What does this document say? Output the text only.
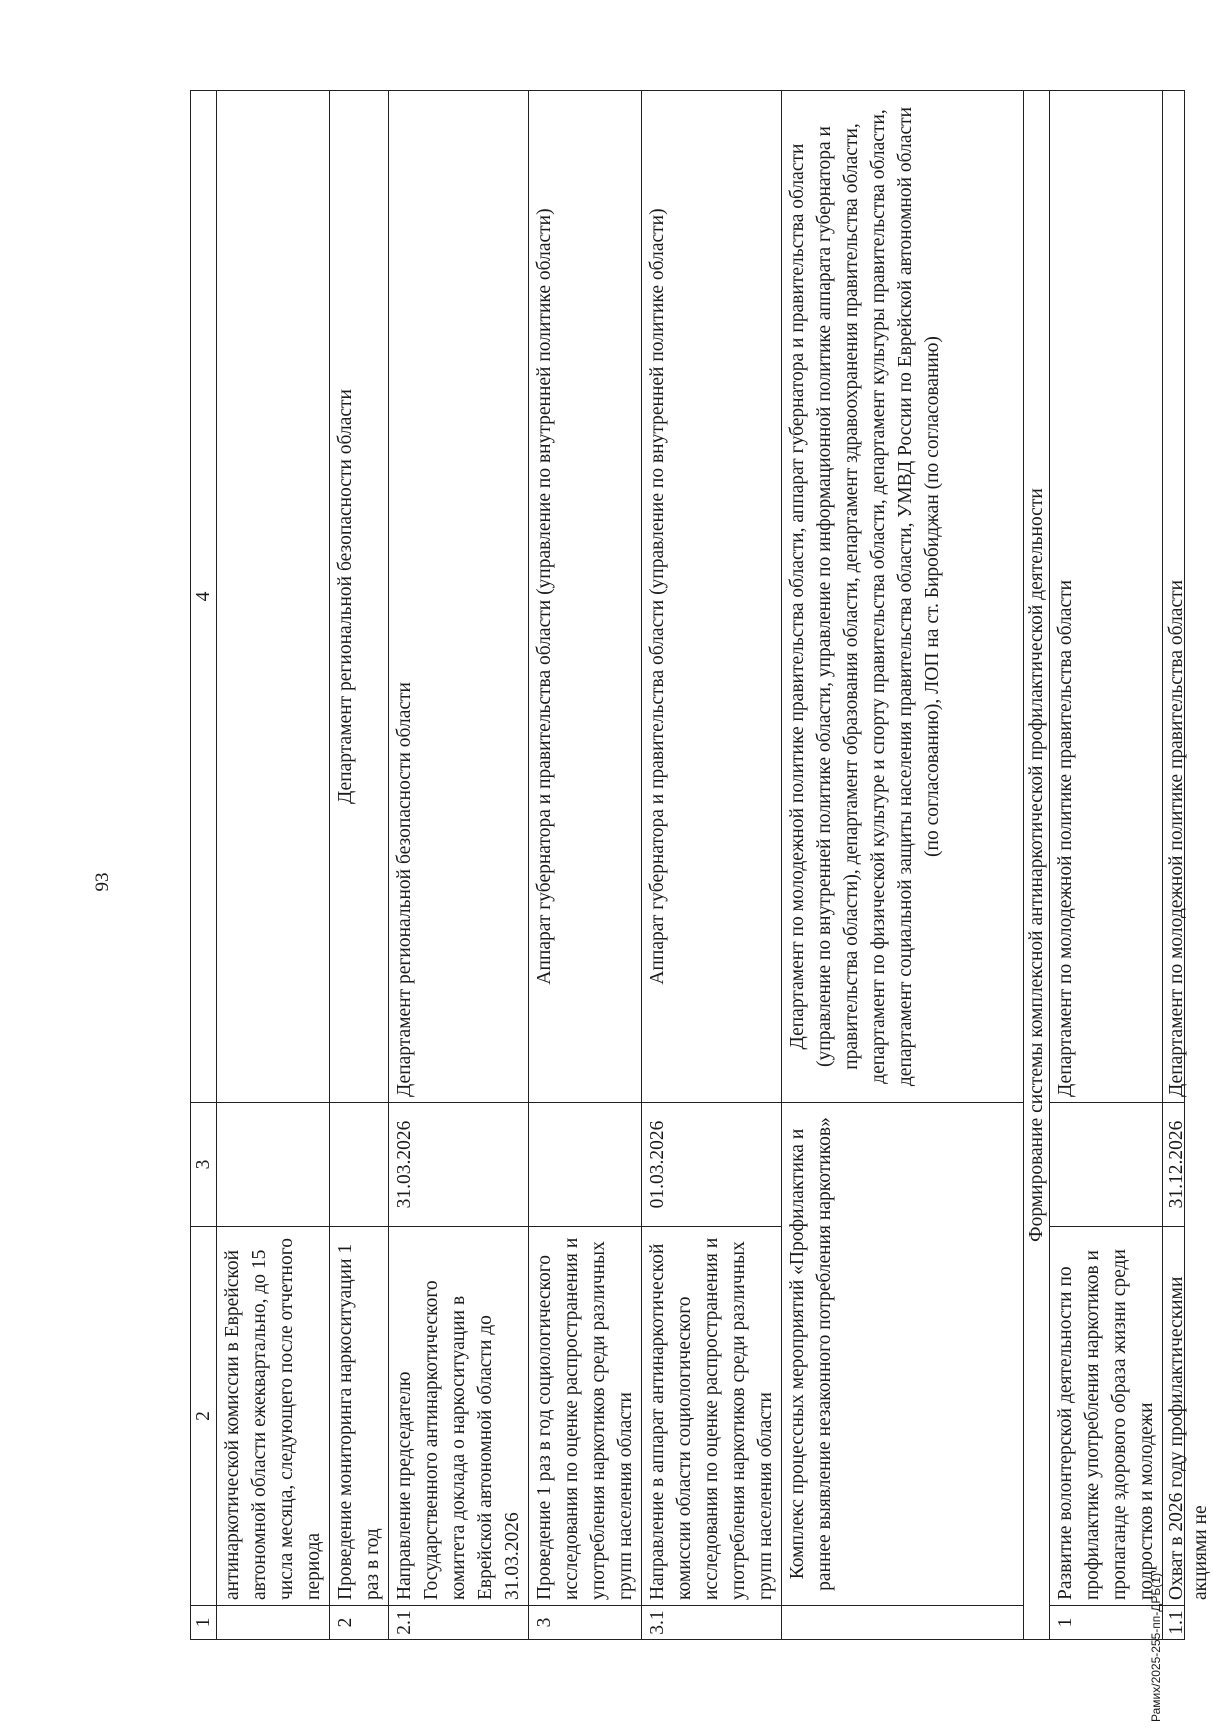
93
1	2	3	4
	антинаркотической комиссии в Еврейской автономной области ежеквартально, до 15 числа месяца, следующего после отчетного периода		
2	Проведение мониторинга наркоситуации 1 раз в год		Департамент региональной безопасности области
2.1	Направление председателю Государственного антинаркотического комитета доклада о наркоситуации в Еврейской автономной области до 31.03.2026	31.03.2026	Департамент региональной безопасности области
3	Проведение 1 раз в год социологического исследования по оценке распространения и употребления наркотиков среди различных групп населения области		Аппарат губернатора и правительства области (управление по внутренней политике области)
3.1	Направление в аппарат антинаркотической комиссии области социологического исследования по оценке распространения и употребления наркотиков среди различных групп населения области	01.03.2026	Аппарат губернатора и правительства области (управление по внутренней политике области)
	Комплекс процессных мероприятий «Профилактика и раннее выявление незаконного потребления наркотиков»		Департамент по молодежной политике правительства области, аппарат губернатора и правительства области (управление по внутренней политике области, управление по информационной политике аппарата губернатора и правительства области), департамент образования области, департамент здравоохранения правительства области, департамент по физической культуре и спорту правительства области, департамент культуры правительства области, департамент социальной защиты населения правительства области, УМВД России по Еврейской автономной области (по согласованию), ЛОП на ст. Биробиджан (по согласованию)
Формирование системы комплексной антинаркотической профилактической деятельности			
1	Развитие волонтерской деятельности по профилактике употребления наркотиков и пропаганде здорового образа жизни среди подростков и молодежи		Департамент по молодежной политике правительства области

1.1	Охват в 2026 году профилактическими акциями не	31.12.2026	Департамент по молодежной политике правительства области
Рамих/2025-255-пп-ДРБ(1)
